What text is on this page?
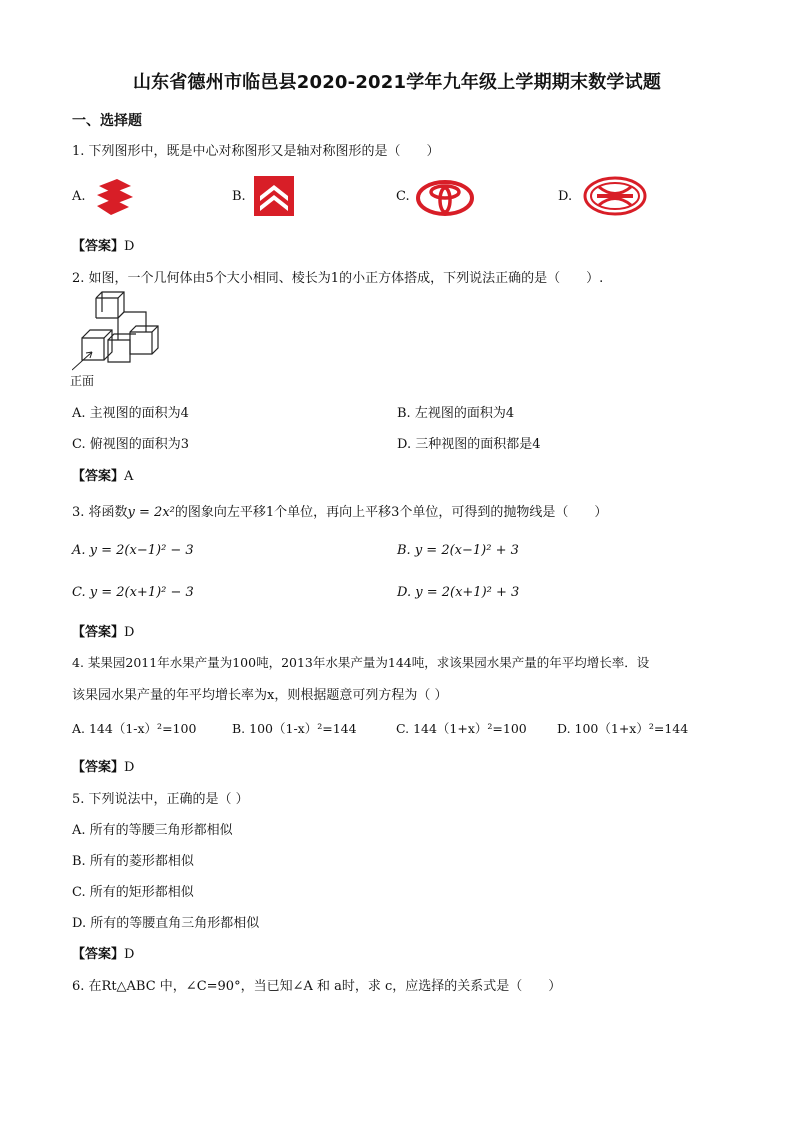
山东省德州市临邑县2020-2021学年九年级上学期期末数学试题
一、选择题
1. 下列图形中，既是中心对称图形又是轴对称图形的是（　　）
A.	B.	C.	D.
【答案】D
2. 如图，一个几何体由5个大小相同、棱长为1的小正方体搭成，下列说法正确的是（　　）.
正面
A. 主视图的面积为4	B. 左视图的面积为4
C. 俯视图的面积为3	D. 三种视图的面积都是4
【答案】A
3. 将函数y = 2x²的图象向左平移1个单位，再向上平移3个单位，可得到的抛物线是（　　）
A. y = 2(x−1)² − 3	B. y = 2(x−1)² + 3
C. y = 2(x+1)² − 3	D. y = 2(x+1)² + 3
【答案】D
4. 某果园2011年水果产量为100吨，2013年水果产量为144吨，求该果园水果产量的年平均增长率．设
该果园水果产量的年平均增长率为x，则根据题意可列方程为（ ）
A. 144（1-x）²=100	B. 100（1-x）²=144	C. 144（1+x）²=100 D. 100（1+x）²=144
【答案】D
5. 下列说法中，正确的是（ ）
A. 所有的等腰三角形都相似
B. 所有的菱形都相似
C. 所有的矩形都相似
D. 所有的等腰直角三角形都相似
【答案】D
6. 在Rt△ABC 中，∠C=90°，当已知∠A 和 a时，求 c，应选择的关系式是（　　）
